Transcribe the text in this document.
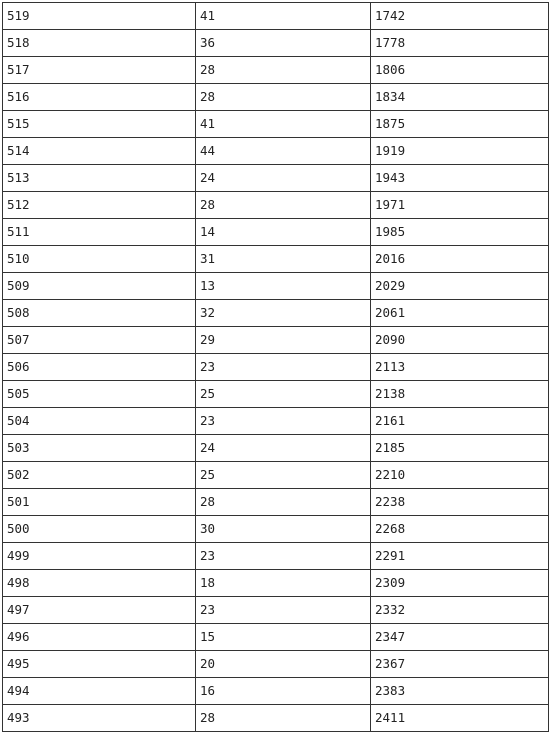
519	41	1742
518	36	1778
517	28	1806
516	28	1834
515	41	1875
514	44	1919
513	24	1943
512	28	1971
511	14	1985
510	31	2016
509	13	2029
508	32	2061
507	29	2090
506	23	2113
505	25	2138
504	23	2161
503	24	2185
502	25	2210
501	28	2238
500	30	2268
499	23	2291
498	18	2309
497	23	2332
496	15	2347
495	20	2367
494	16	2383
493	28	2411
